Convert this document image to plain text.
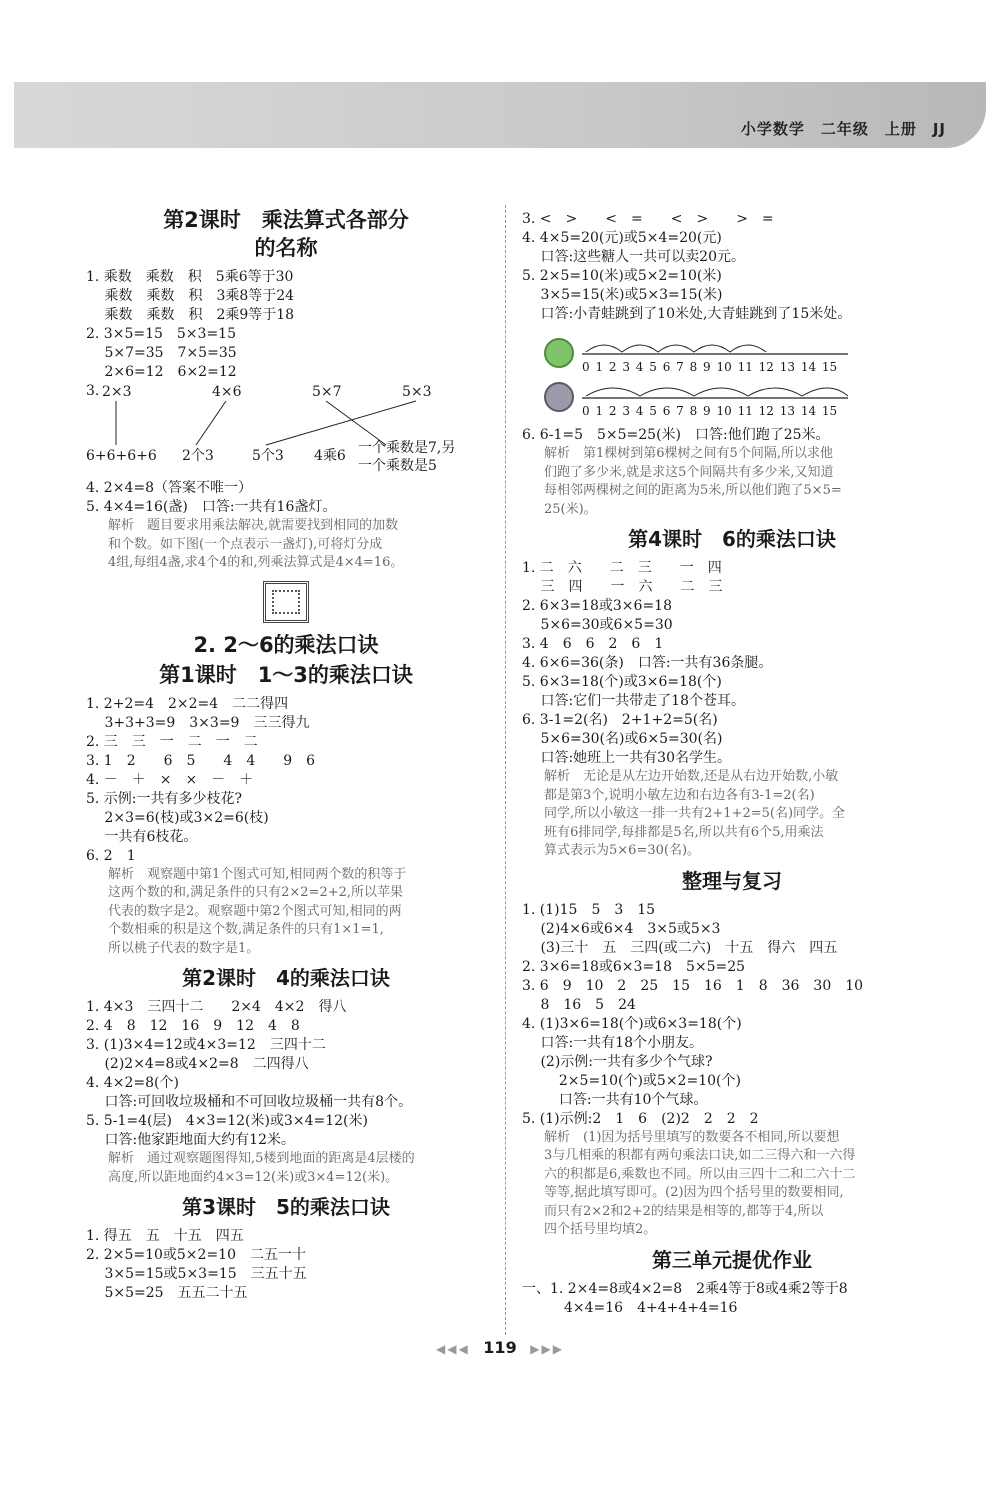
小学数学　二年级　上册　JJ
第2课时　乘法算式各部分
的名称
1. 乘数　乘数　积　5乘6等于30
　 乘数　乘数　积　3乘8等于24
　 乘数　乘数　积　2乘9等于18
2. 3×5=15　5×3=15
　 5×7=35　7×5=35
　 2×6=12　6×2=12
3. 2×3	4×6	5×7	5×3
6+6+6+6 2个3	5个3 4乘6 一个乘数是7,另
一个乘数是5
4. 2×4=8（答案不唯一）
5. 4×4=16(盏)　口答:一共有16盏灯。
解析　题目要求用乘法解决,就需要找到相同的加数
和个数。如下图(一个点表示一盏灯),可将灯分成
4组,每组4盏,求4个4的和,列乘法算式是4×4=16。
2. 2～6的乘法口诀
第1课时　1～3的乘法口诀
1. 2+2=4　2×2=4　二二得四
　 3+3+3=9　3×3=9　三三得九
2. 三　三　一　二　一　二
3. 1　2　　6　5　　4　4　　9　6
4. －　＋　×　×　－　＋
5. 示例:一共有多少枝花?
　 2×3=6(枝)或3×2=6(枝)
　 一共有6枝花。
6. 2　1
解析　观察题中第1个图式可知,相同两个数的积等于
这两个数的和,满足条件的只有2×2=2+2,所以苹果
代表的数字是2。观察题中第2个图式可知,相同的两
个数相乘的积是这个数,满足条件的只有1×1=1,
所以桃子代表的数字是1。
第2课时　4的乘法口诀
1. 4×3　三四十二　　2×4　4×2　得八
2. 4　8　12　16　9　12　4　8
3. (1)3×4=12或4×3=12　三四十二
　 (2)2×4=8或4×2=8　二四得八
4. 4×2=8(个)
　 口答:可回收垃圾桶和不可回收垃圾桶一共有8个。
5. 5-1=4(层)　4×3=12(米)或3×4=12(米)
　 口答:他家距地面大约有12米。
解析　通过观察题图得知,5楼到地面的距离是4层楼的
高度,所以距地面约4×3=12(米)或3×4=12(米)。
第3课时　5的乘法口诀
1. 得五　五　十五　四五
2. 2×5=10或5×2=10　二五一十
　 3×5=15或5×3=15　三五十五
　 5×5=25　五五二十五
3. <　>　　<　=　　<　>　　>　=
4. 4×5=20(元)或5×4=20(元)
　 口答:这些糖人一共可以卖20元。
5. 2×5=10(米)或5×2=10(米)
　 3×5=15(米)或5×3=15(米)
　 口答:小青蛙跳到了10米处,大青蛙跳到了15米处。
0 1 2 3 4 5 6 7 8 9 10 11 12 13 14 15
0 1 2 3 4 5 6 7 8 9 10 11 12 13 14 15
6. 6-1=5　5×5=25(米)　口答:他们跑了25米。
解析　第1棵树到第6棵树之间有5个间隔,所以求他
们跑了多少米,就是求这5个间隔共有多少米,又知道
每相邻两棵树之间的距离为5米,所以他们跑了5×5=
25(米)。
第4课时　6的乘法口诀
1. 二　六　　二　三　　一　四
　 三　四　　一　六　　二　三
2. 6×3=18或3×6=18
　 5×6=30或6×5=30
3. 4　6　6　2　6　1
4. 6×6=36(条)　口答:一共有36条腿。
5. 6×3=18(个)或3×6=18(个)
　 口答:它们一共带走了18个苍耳。
6. 3-1=2(名)　2+1+2=5(名)
　 5×6=30(名)或6×5=30(名)
　 口答:她班上一共有30名学生。
解析　无论是从左边开始数,还是从右边开始数,小敏
都是第3个,说明小敏左边和右边各有3-1=2(名)
同学,所以小敏这一排一共有2+1+2=5(名)同学。全
班有6排同学,每排都是5名,所以共有6个5,用乘法
算式表示为5×6=30(名)。
整理与复习
1. (1)15　5　3　15
　 (2)4×6或6×4　3×5或5×3
　 (3)三十　五　三四(或二六)　十五　得六　四五
2. 3×6=18或6×3=18　5×5=25
3. 6　9　10　2　25　15　16　1　8　36　30　10
　 8　16　5　24
4. (1)3×6=18(个)或6×3=18(个)
　 口答:一共有18个小朋友。
　 (2)示例:一共有多少个气球?
　 　 2×5=10(个)或5×2=10(个)
　 　 口答:一共有10个气球。
5. (1)示例:2　1　6　(2)2　2　2　2
解析　(1)因为括号里填写的数要各不相同,所以要想
3与几相乘的积都有两句乘法口诀,如二三得六和一六得
六的积都是6,乘数也不同。所以由三四十二和二六十二
等等,据此填写即可。(2)因为四个括号里的数要相同,
而只有2×2和2+2的结果是相等的,都等于4,所以
四个括号里均填2。
第三单元提优作业
一、1. 2×4=8或4×2=8　2乘4等于8或4乘2等于8
　　　4×4=16　4+4+4+4=16
◀◀◀ 119 ▶▶▶
